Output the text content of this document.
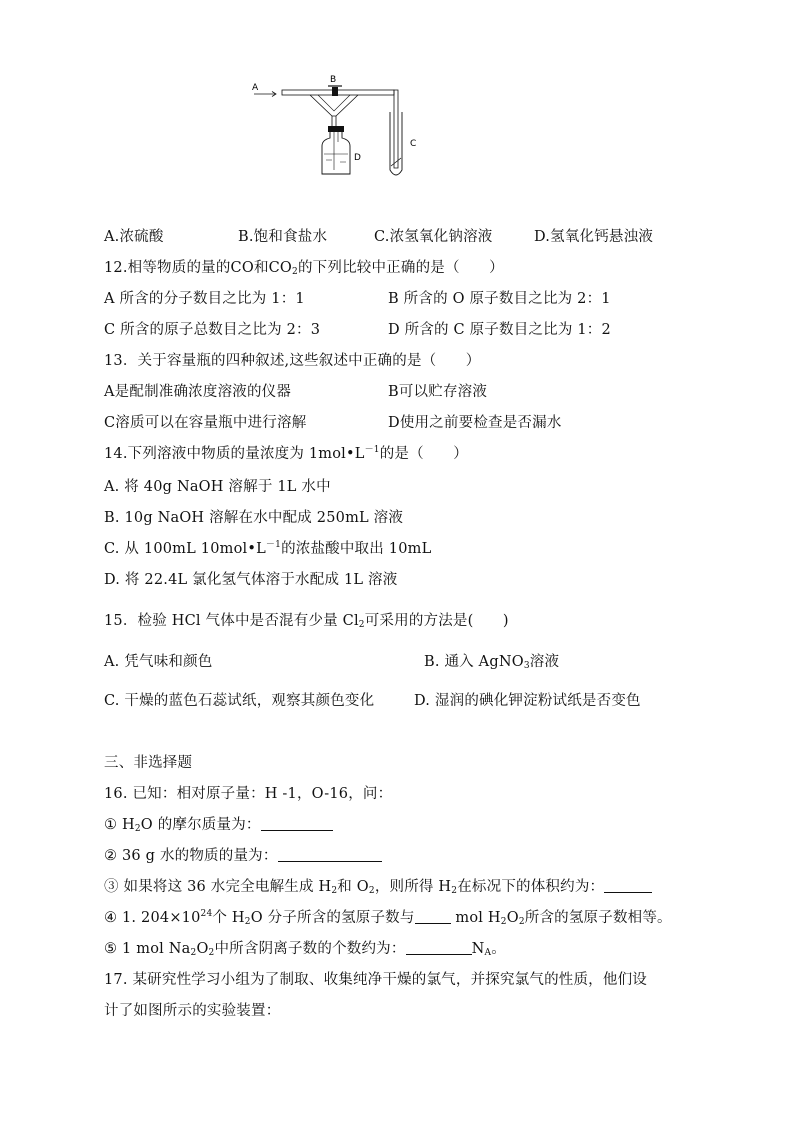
A
B
C
D
A.浓硫酸	B.饱和食盐水	C.浓氢氧化钠溶液	D.氢氧化钙悬浊液
12.相等物质的量的CO和$CO_2$的下列比较中正确的是（　　）
A 所含的分子数目之比为 1：1	B 所含的 O 原子数目之比为 2：1
C 所含的原子总数目之比为 2：3	D 所含的 C 原子数目之比为 1：2
13．关于容量瓶的四种叙述,这些叙述中正确的是（　　）
A是配制准确浓度溶液的仪器	B可以贮存溶液
C溶质可以在容量瓶中进行溶解	D使用之前要检查是否漏水
14.下列溶液中物质的量浓度为 $1mol•L^{-1}$的是（　　）
A. 将 40g NaOH 溶解于 1L 水中
B. 10g NaOH 溶解在水中配成 250mL 溶液
C. 从 100mL $10mol•L^{-1}$的浓盐酸中取出 10mL
D. 将 22.4L 氯化氢气体溶于水配成 1L 溶液
15．检验 HCl 气体中是否混有少量 $Cl_2$可采用的方法是(　　)
A. 凭气味和颜色	B. 通入 AgNO$_3$溶液
C. 干燥的蓝色石蕊试纸，观察其颜色变化	D. 湿润的碘化钾淀粉试纸是否变色
三、非选择题
16. 已知：相对原子量：H -1，O-16，问：
① $H_2O$ 的摩尔质量为：
② 36 g 水的物质的量为：
③ 如果将这 36 水完全电解生成 $H_2$和 $O_2$，则所得 $H_2$在标况下的体积约为：
④ 1. $204\times 10^{24}$个 $H_2O$ 分子所含的氢原子数与 mol $H_2O_2$所含的氢原子数相等。
⑤ 1 mol $Na_2O_2$中所含阴离子数的个数约为：	$N_A$。
17. 某研究性学习小组为了制取、收集纯净干燥的氯气，并探究氯气的性质，他们设
计了如图所示的实验装置：
